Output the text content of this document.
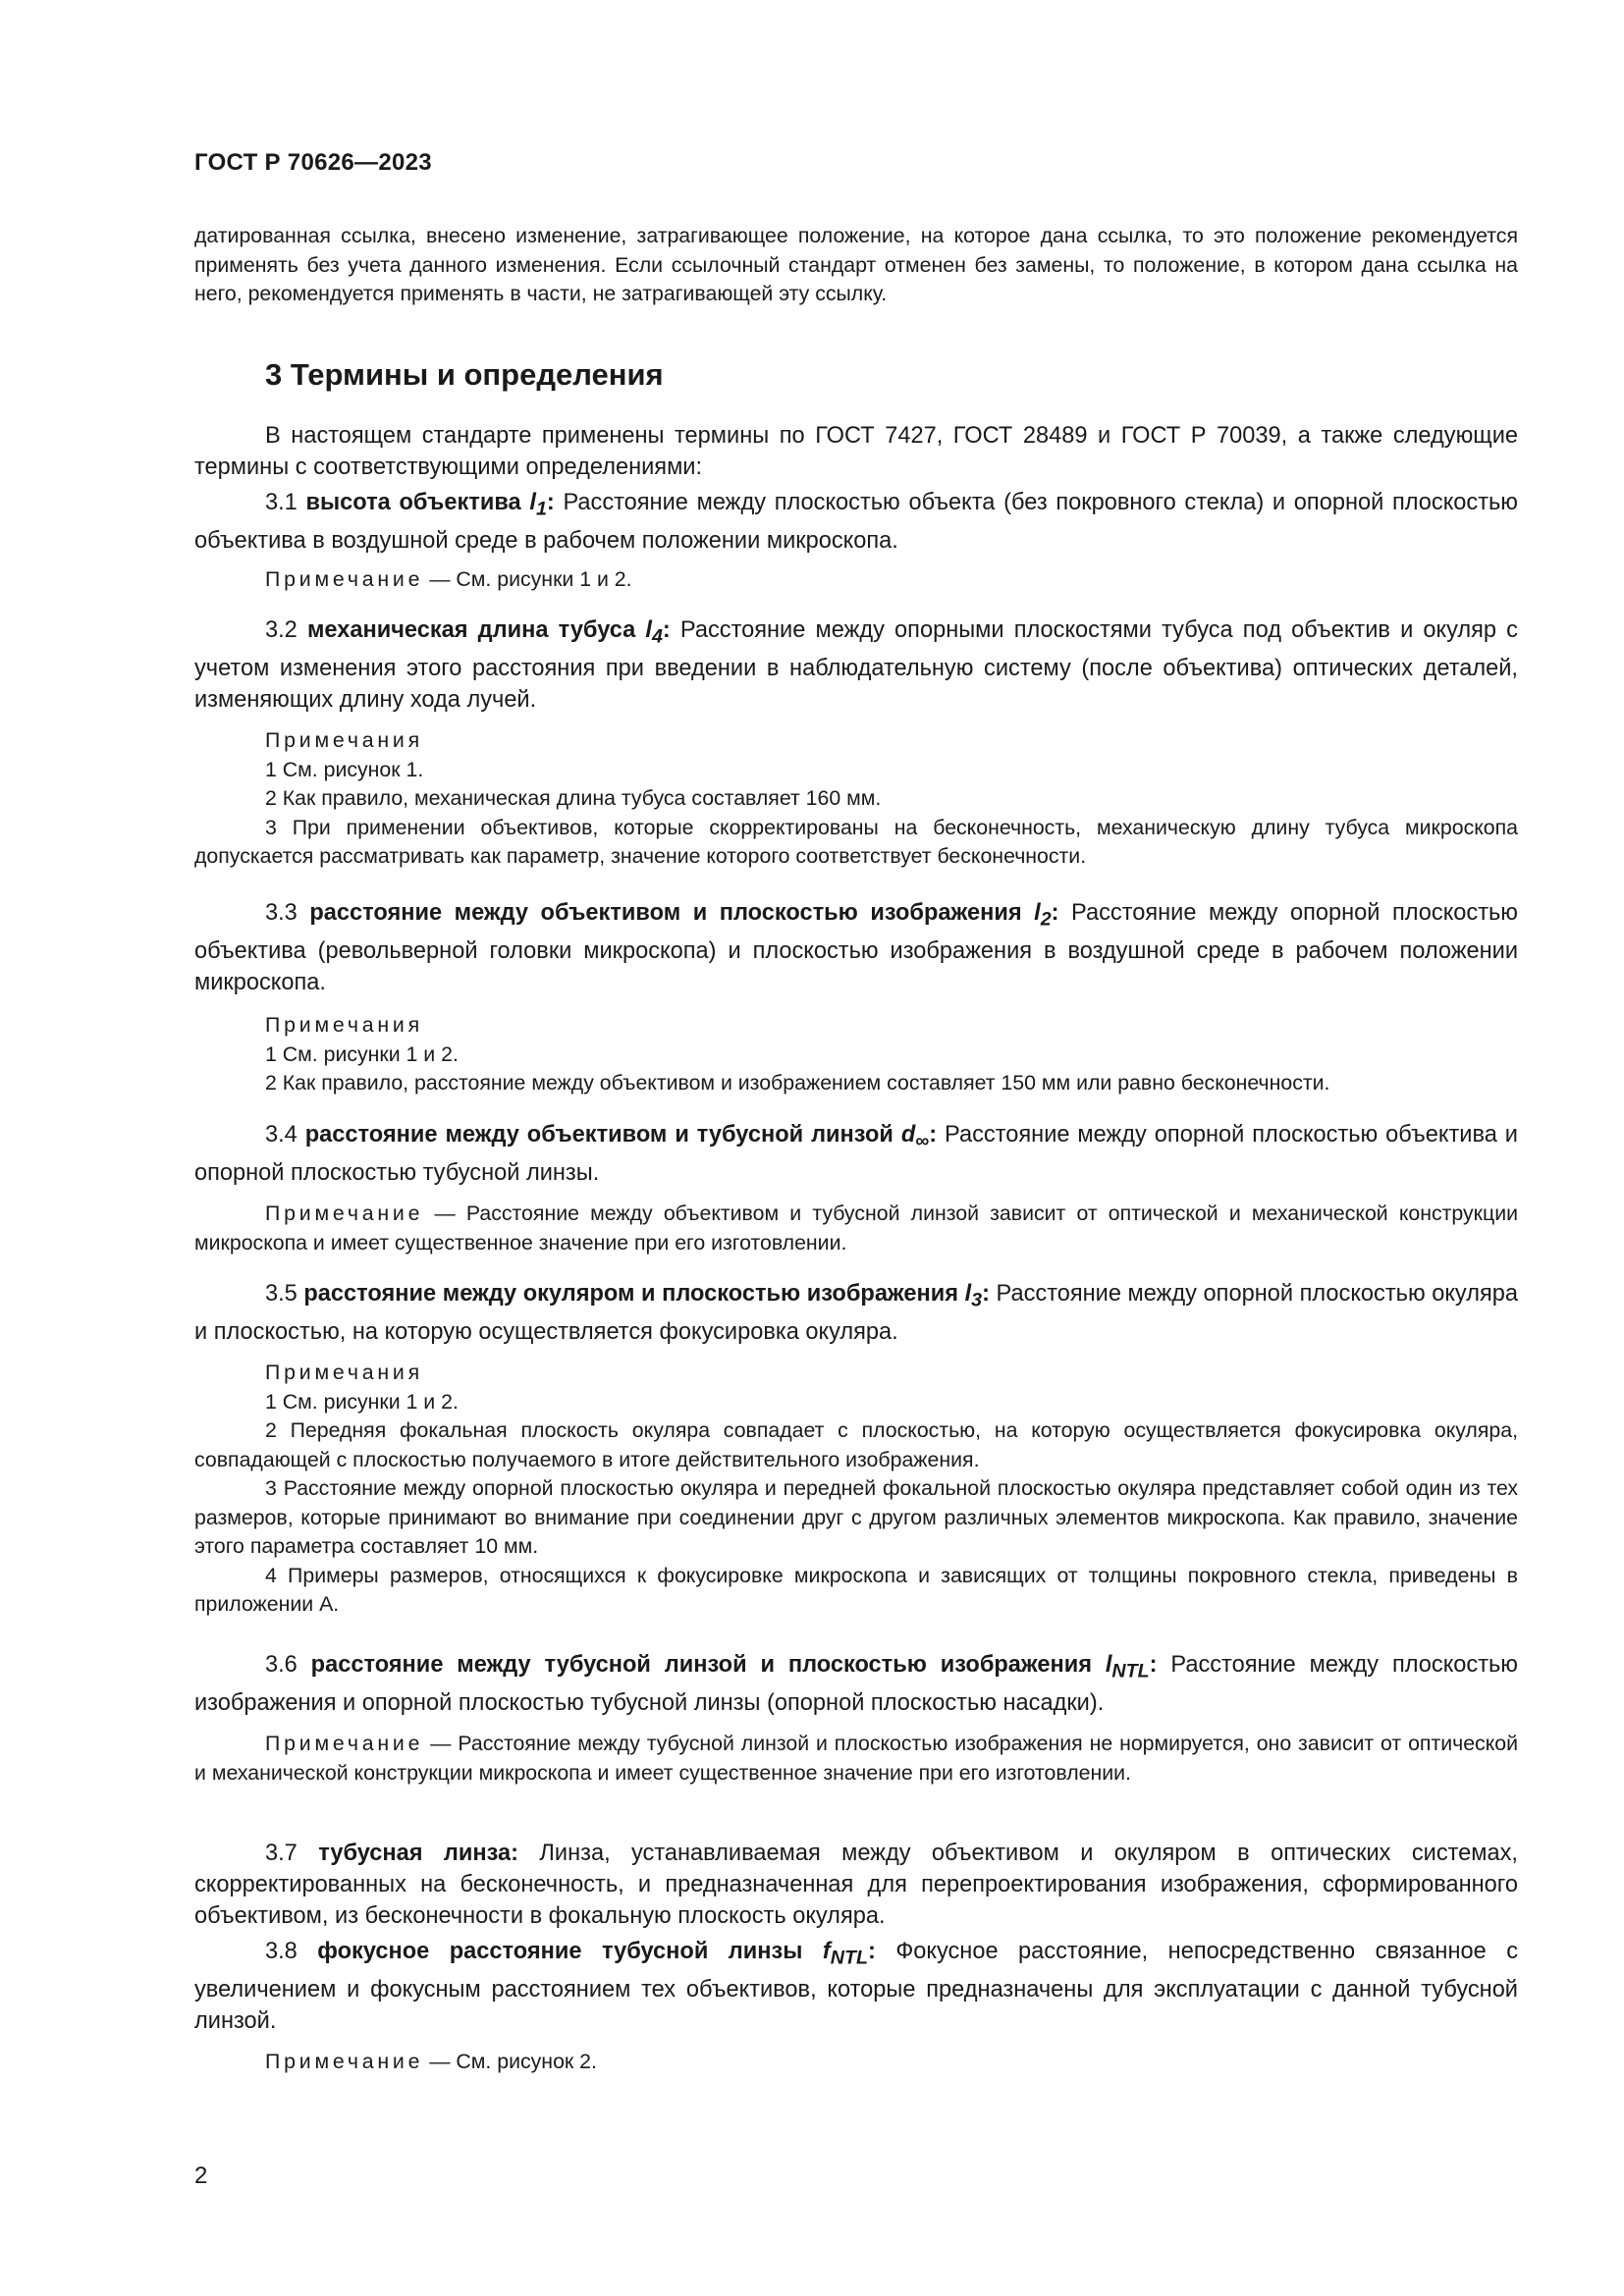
ГОСТ Р 70626—2023

датированная ссылка, внесено изменение, затрагивающее положение, на которое дана ссылка, то это положение рекомендуется применять без учета данного изменения. Если ссылочный стандарт отменен без замены, то положение, в котором дана ссылка на него, рекомендуется применять в части, не затрагивающей эту ссылку.

3 Термины и определения

В настоящем стандарте применены термины по ГОСТ 7427, ГОСТ 28489 и ГОСТ Р 70039, а также следующие термины с соответствующими определениями:

3.1 высота объектива $l_1$: Расстояние между плоскостью объекта (без покровного стекла) и опорной плоскостью объектива в воздушной среде в рабочем положении микроскопа.

Примечание — См. рисунки 1 и 2.

3.2 механическая длина тубуса $l_4$: Расстояние между опорными плоскостями тубуса под объектив и окуляр с учетом изменения этого расстояния при введении в наблюдательную систему (после объектива) оптических деталей, изменяющих длину хода лучей.

Примечания

1 См. рисунок 1.

2 Как правило, механическая длина тубуса составляет 160 мм.

3 При применении объективов, которые скорректированы на бесконечность, механическую длину тубуса микроскопа допускается рассматривать как параметр, значение которого соответствует бесконечности.

3.3 расстояние между объективом и плоскостью изображения $l_2$: Расстояние между опорной плоскостью объектива (револьверной головки микроскопа) и плоскостью изображения в воздушной среде в рабочем положении микроскопа.

Примечания

1 См. рисунки 1 и 2.

2 Как правило, расстояние между объективом и изображением составляет 150 мм или равно бесконечности.

3.4 расстояние между объективом и тубусной линзой $d_\infty$: Расстояние между опорной плоскостью объектива и опорной плоскостью тубусной линзы.

Примечание — Расстояние между объективом и тубусной линзой зависит от оптической и механической конструкции микроскопа и имеет существенное значение при его изготовлении.

3.5 расстояние между окуляром и плоскостью изображения $l_3$: Расстояние между опорной плоскостью окуляра и плоскостью, на которую осуществляется фокусировка окуляра.

Примечания

1 См. рисунки 1 и 2.

2 Передняя фокальная плоскость окуляра совпадает с плоскостью, на которую осуществляется фокусировка окуляра, совпадающей с плоскостью получаемого в итоге действительного изображения.

3 Расстояние между опорной плоскостью окуляра и передней фокальной плоскостью окуляра представляет собой один из тех размеров, которые принимают во внимание при соединении друг с другом различных элементов микроскопа. Как правило, значение этого параметра составляет 10 мм.

4 Примеры размеров, относящихся к фокусировке микроскопа и зависящих от толщины покровного стекла, приведены в приложении А.

3.6 расстояние между тубусной линзой и плоскостью изображения $l_{NTL}$: Расстояние между плоскостью изображения и опорной плоскостью тубусной линзы (опорной плоскостью насадки).

Примечание — Расстояние между тубусной линзой и плоскостью изображения не нормируется, оно зависит от оптической и механической конструкции микроскопа и имеет существенное значение при его изготовлении.

3.7 тубусная линза: Линза, устанавливаемая между объективом и окуляром в оптических системах, скорректированных на бесконечность, и предназначенная для перепроектирования изображения, сформированного объективом, из бесконечности в фокальную плоскость окуляра.

3.8 фокусное расстояние тубусной линзы $f_{NTL}$: Фокусное расстояние, непосредственно связанное с увеличением и фокусным расстоянием тех объективов, которые предназначены для эксплуатации с данной тубусной линзой.

Примечание — См. рисунок 2.

2
